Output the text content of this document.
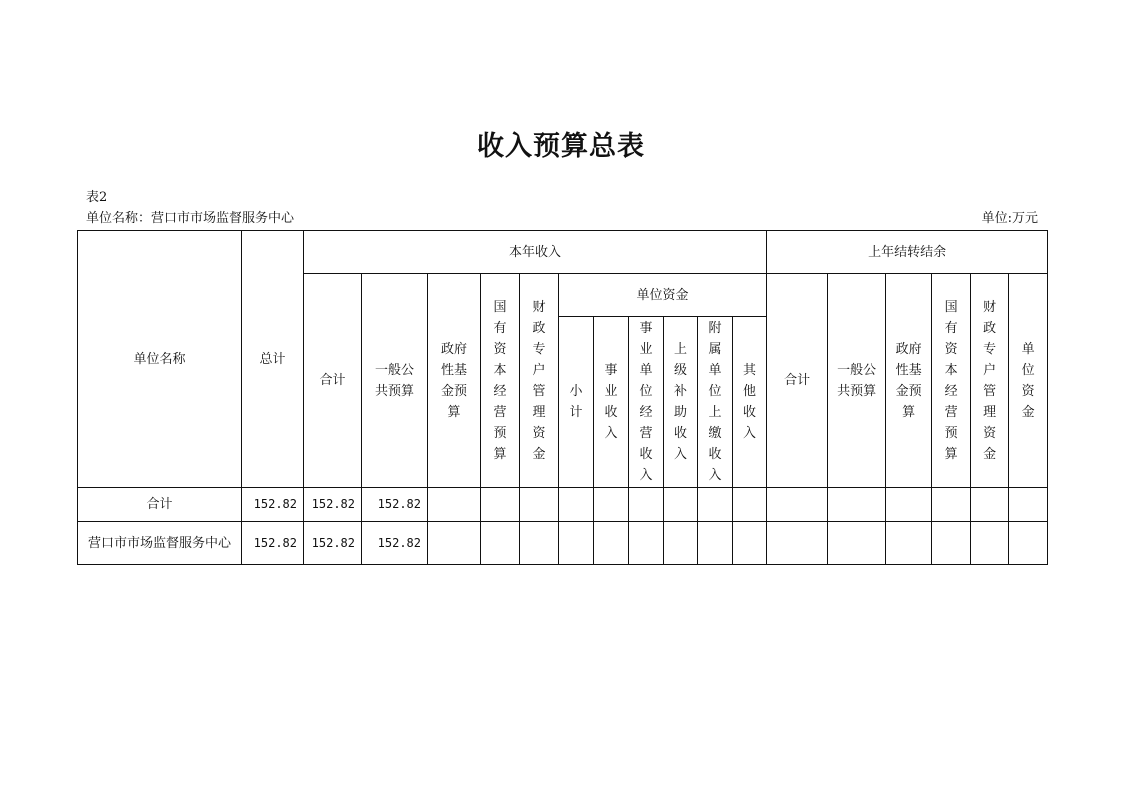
收入预算总表
表2
单位名称：营口市市场监督服务中心	单位:万元
单位名称	总计	本年收入											上年结转结余					
		合计	一般公共预算	政府性基金预算	国有资本经营预算	财政专户管理资金	单位资金						合计	一般公共预算	政府性基金预算	国有资本经营预算	财政专户管理资金	单位资金
							小计	事业收入	事业单位经营收入	上级补助收入	附属单位上缴收入	其他收入						
合计	152.82	152.82	152.82															
营口市市场监督服务中心	152.82	152.82	152.82															
